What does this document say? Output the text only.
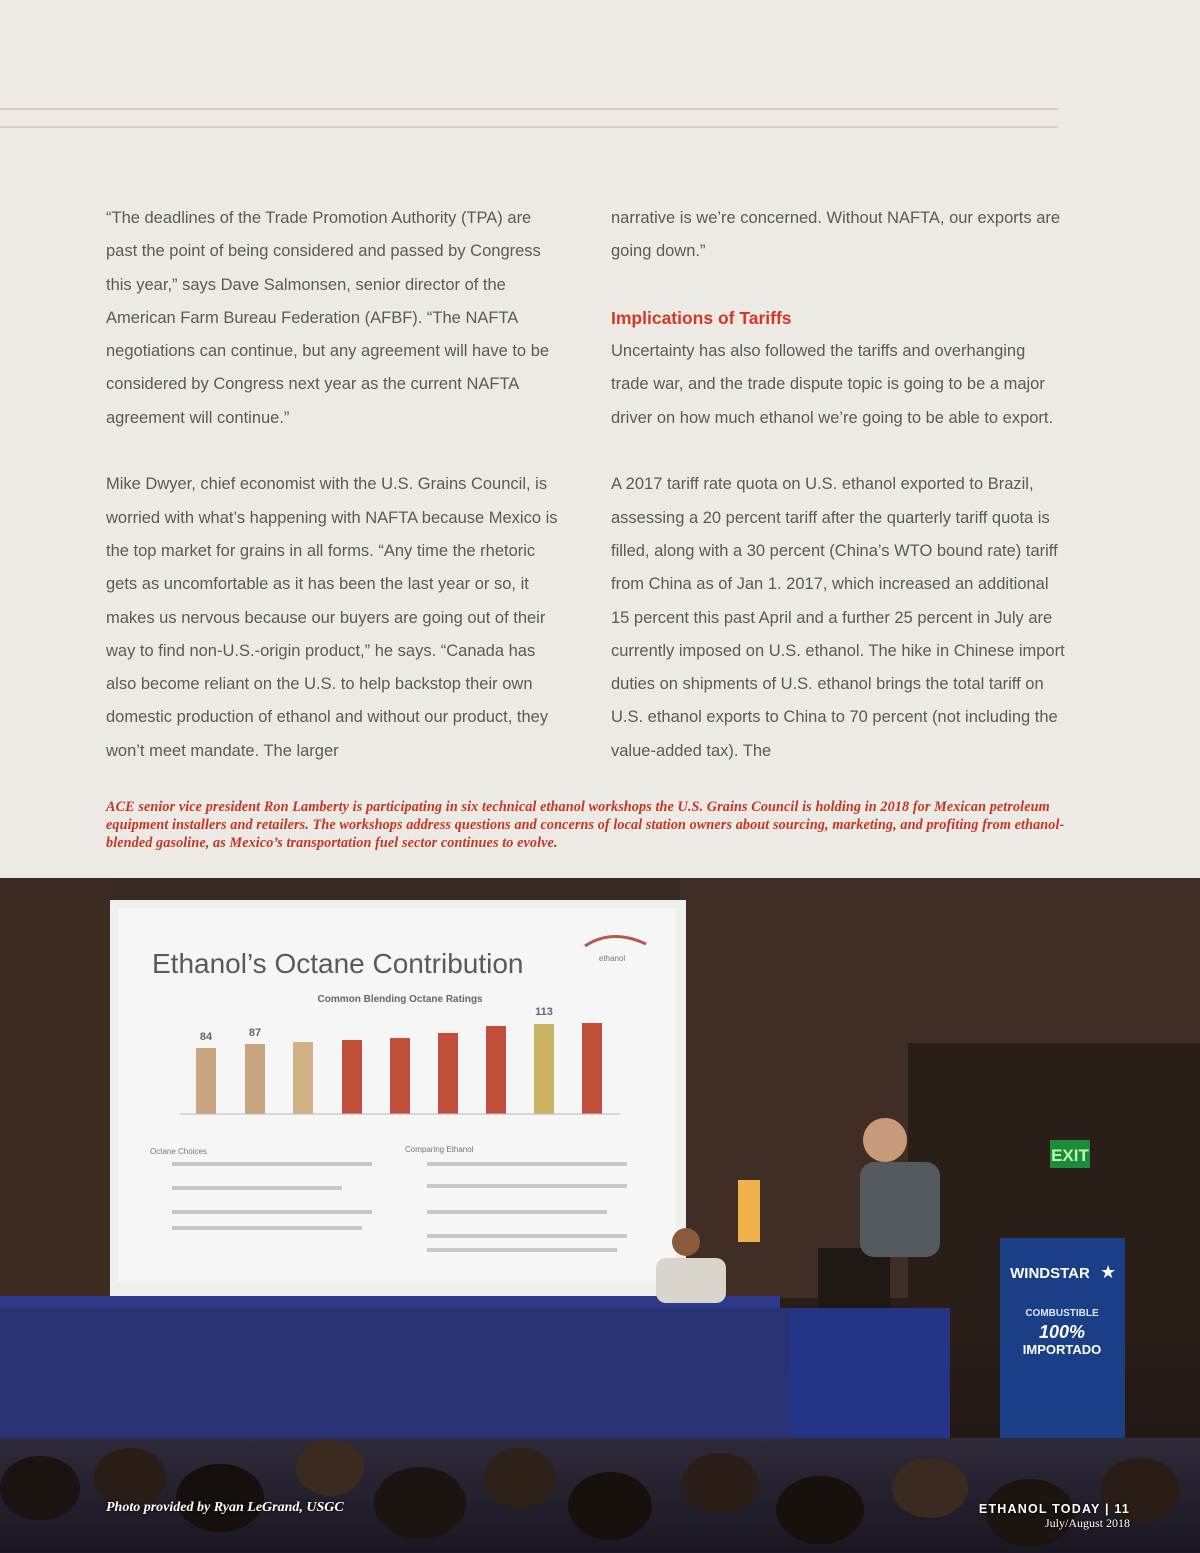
“The deadlines of the Trade Promotion Authority (TPA) are past the point of being considered and passed by Congress this year,” says Dave Salmonsen, senior director of the American Farm Bureau Federation (AFBF). “The NAFTA negotiations can continue, but any agreement will have to be considered by Congress next year as the current NAFTA agreement will continue.”

Mike Dwyer, chief economist with the U.S. Grains Council, is worried with what’s happening with NAFTA because Mexico is the top market for grains in all forms. “Any time the rhetoric gets as uncomfortable as it has been the last year or so, it makes us nervous because our buyers are going out of their way to find non-U.S.-origin product,” he says. “Canada has also become reliant on the U.S. to help backstop their own domestic production of ethanol and without our product, they won’t meet mandate. The larger

narrative is we’re concerned. Without NAFTA, our exports are going down.”

Implications of Tariffs

Uncertainty has also followed the tariffs and overhanging trade war, and the trade dispute topic is going to be a major driver on how much ethanol we’re going to be able to export.

A 2017 tariff rate quota on U.S. ethanol exported to Brazil, assessing a 20 percent tariff after the quarterly tariff quota is filled, along with a 30 percent (China’s WTO bound rate) tariff from China as of Jan 1. 2017, which increased an additional 15 percent this past April and a further 25 percent in July are currently imposed on U.S. ethanol. The hike in Chinese import duties on shipments of U.S. ethanol brings the total tariff on U.S. ethanol exports to China to 70 percent (not including the value-added tax). The

ACE senior vice president Ron Lamberty is participating in six technical ethanol workshops the U.S. Grains Council is holding in 2018 for Mexican petroleum equipment installers and retailers. The workshops address questions and concerns of local station owners about sourcing, marketing, and profiting from ethanol-blended gasoline, as Mexico’s transportation fuel sector continues to evolve.
EXIT
Ethanol’s Octane Contribution	ethanol
Common Blending Octane Ratings
84	87
113
Octane Choices	Comparing Ethanol
WINDSTAR ★
COMBUSTIBLE
100%
IMPORTADO
Photo provided by Ryan LeGrand, USGC	ETHANOL TODAY | 11
July/August 2018
